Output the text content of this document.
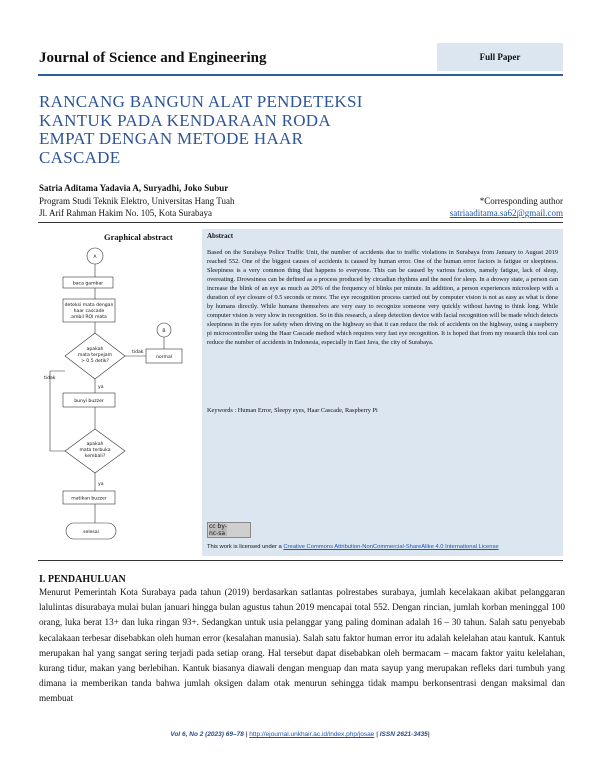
Journal of Science and Engineering	Full Paper
RANCANG BANGUN ALAT PENDETEKSI KANTUK PADA KENDARAAN RODA EMPAT DENGAN METODE HAAR CASCADE
Satria Aditama Yadavia A, Suryadhi, Joko Subur
Program Studi Teknik Elektro, Universitas Hang Tuah
Jl. Arif Rahman Hakim No. 105, Kota Surabaya
*Corresponding author
satriaaditama.sa62@gmail.com
Graphical abstract
A
baca gambar
deteksi mata dengan
haar cascade
ambil ROI mata
apakah
mata terpejam
> 0.5 detik?
tidak
normal
B
ya
bunyi buzzer
apakah
mata terbuka
kembali?
tidak
ya
matikan buzzer
selesai
Abstract
Based on the Surabaya Police Traffic Unit, the number of accidents due to traffic violations in Surabaya from January to August 2019 reached 552. One of the biggest causes of accidents is caused by human error. One of the human error factors is fatigue or sleepiness. Sleepiness is a very common thing that happens to everyone. This can be caused by various factors, namely fatigue, lack of sleep, overeating. Drowsiness can be defined as a process produced by circadian rhythms and the need for sleep. In a drowsy state, a person can increase the blink of an eye as much as 20% of the frequency of blinks per minute. In addition, a person experiences microsleep with a duration of eye closure of 0.5 seconds or more. The eye recognition process carried out by computer vision is not as easy as what is done by humans directly. While humans themselves are very easy to recognize someone very quickly without having to think long. While computer vision is very slow in recognition. So in this research, a sleep detection device with facial recognition will be made which detects sleepiness in the eyes for safety when driving on the highway so that it can reduce the risk of accidents on the highway, using a raspberry pi microcontroller using the Haar Cascade method which requires very fast eye recognition. It is hoped that from my research this tool can reduce the number of accidents in Indonesia, especially in East Java, the city of Surabaya.
Keywords : Human Error, Sleepy eyes, Haar Cascade, Raspberry Pi
cc by-nc-sa
This work is licensed under a Creative Commons Attribution-NonCommercial-ShareAlike 4.0 International License
I. PENDAHULUAN
Menurut Pemerintah Kota Surabaya pada tahun (2019) berdasarkan satlantas polrestabes surabaya, jumlah kecelakaan akibat pelanggaran lalulintas disurabaya mulai bulan januari hingga bulan agustus tahun 2019 mencapai total 552. Dengan rincian, jumlah korban meninggal 100 orang, luka berat 13+ dan luka ringan 93+. Sedangkan untuk usia pelanggar yang paling dominan adalah 16 – 30 tahun. Salah satu penyebab kecalakaan terbesar disebabkan oleh human error (kesalahan manusia). Salah satu faktor human error itu adalah kelelahan atau kantuk. Kantuk merupakan hal yang sangat sering terjadi pada setiap orang. Hal tersebut dapat disebabkan oleh bermacam – macam faktor yaitu kelelahan, kurang tidur, makan yang berlebihan. Kantuk biasanya diawali dengan menguap dan mata sayup yang merupakan refleks dari tumbuh yang dimana ia memberikan tanda bahwa jumlah oksigen dalam otak menurun sehingga tidak mampu berkonsentrasi dengan maksimal dan membuat
Vol 6, No 2 (2023) 69–78 | http://ejournal.unkhair.ac.id/index.php/josae | ISSN 2621-3435|
